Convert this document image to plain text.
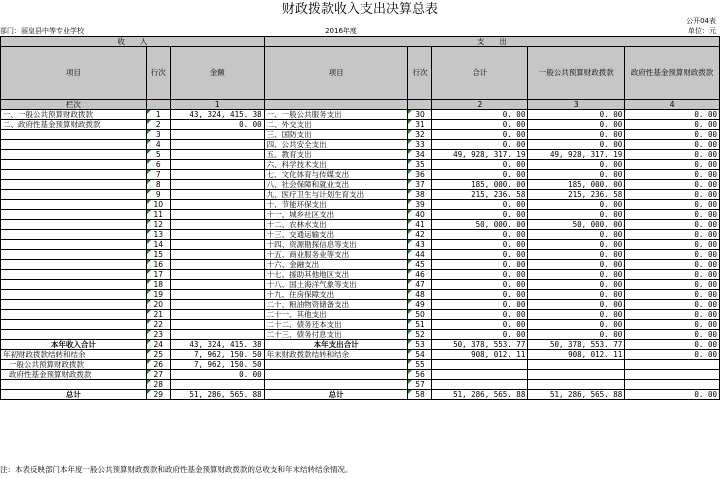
财政拨款收入支出决算总表
公开04表
部门：丽皇县中等专业学校	2016年度	单位：元
收　　入			支　　出				
项目	行次	金额	项目	行次	合计	一般公共预算财政拨款	政府性基金预算财政拨款
栏次		1			2	3	4
一、一般公共预算财政拨款	1	43, 324, 415. 38	一、一般公共服务支出	30	0. 00	0. 00	0. 00
二、政府性基金预算财政拨款	2	0. 00	二、外交支出	31	0. 00	0. 00	0. 00
	3		三、国防支出	32	0. 00	0. 00	0. 00
	4		四、公共安全支出	33	0. 00	0. 00	0. 00
	5		五、教育支出	34	49, 928, 317. 19	49, 928, 317. 19	0. 00
	6		六、科学技术支出	35	0. 00	0. 00	0. 00
	7		七、文化体育与传媒支出	36	0. 00	0. 00	0. 00
	8		八、社会保障和就业支出	37	185, 000. 00	185, 000. 00	0. 00
	9		九、医疗卫生与计划生育支出	38	215, 236. 58	215, 236. 58	0. 00
	10		十、节能环保支出	39	0. 00	0. 00	0. 00
	11		十一、城乡社区支出	40	0. 00	0. 00	0. 00
	12		十二、农林水支出	41	50, 000. 00	50, 000. 00	0. 00
	13		十三、交通运输支出	42	0. 00	0. 00	0. 00
	14		十四、资源勘探信息等支出	43	0. 00	0. 00	0. 00
	15		十五、商业服务业等支出	44	0. 00	0. 00	0. 00
	16		十六、金融支出	45	0. 00	0. 00	0. 00
	17		十七、援助其他地区支出	46	0. 00	0. 00	0. 00
	18		十八、国土海洋气象等支出	47	0. 00	0. 00	0. 00
	19		十九、住房保障支出	48	0. 00	0. 00	0. 00
	20		二十、粮油物资储备支出	49	0. 00	0. 00	0. 00
	21		二十一、其他支出	50	0. 00	0. 00	0. 00
	22		二十二、债务还本支出	51	0. 00	0. 00	0. 00
	23		二十三、债务付息支出	52	0. 00	0. 00	0. 00
本年收入合计	24	43, 324, 415. 38	本年支出合计	53	50, 378, 553. 77	50, 378, 553. 77	0. 00
年初财政拨款结转和结余	25	7, 962, 150. 50	年末财政拨款结转和结余	54	908, 012. 11	908, 012. 11	0. 00
一般公共预算财政拨款	26	7, 962, 150. 50		55			
政府性基金预算财政拨款	27	0. 00		56			
	28			57			
总计	29	51, 286, 565. 88	总计	58	51, 286, 565. 88	51, 286, 565. 88	0. 00
注：本表反映部门本年度一般公共预算财政拨款和政府性基金预算财政拨款的总收支和年末结转结余情况。
